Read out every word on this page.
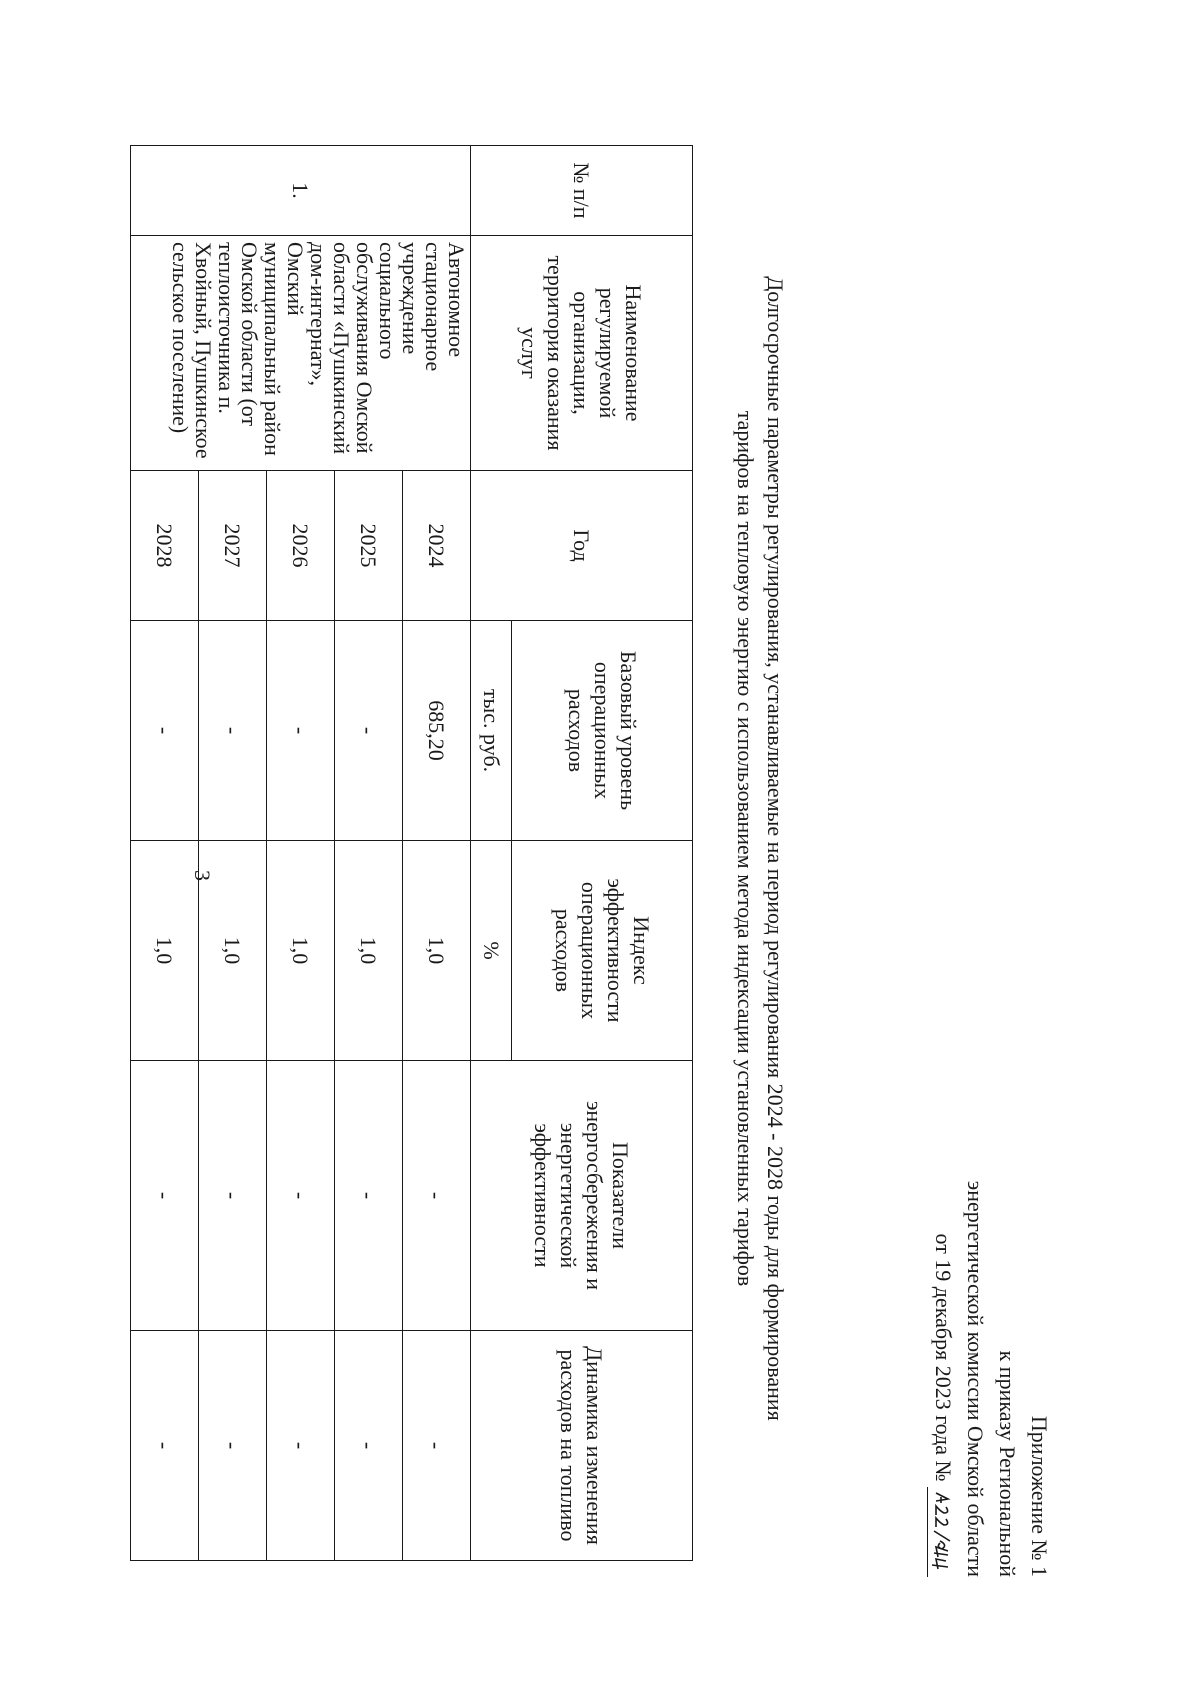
3
Приложение № 1
к приказу Региональной
энергетической комиссии Омской области
от 19 декабря 2023 года №
Долгосрочные параметры регулирования, устанавливаемые на период регулирования 2024 - 2028 годы для формирования
тарифов на тепловую энергию с использованием метода индексации установленных тарифов
№ п/п	Наименование регулируемой организации, территория оказания услуг	Год	Базовый уровень операционных расходов	Индекс эффективности операционных расходов	Показатели энергосбережения и энергетической эффективности	Динамика изменения расходов на топливо
			тыс. руб.	%		
1.	Автономное стационарное учреждение социального обслуживания Омской области «Пушкинский дом-интернат», Омский муниципальный район Омской области (от теплоисточника п. Хвойный, Пушкинское сельское поселение)	2024	685,20	1,0	-	-
		2025	-	1,0	-	-
		2026	-	1,0	-	-
		2027	-	1,0	-	-
		2028	-	1,0	-	-
